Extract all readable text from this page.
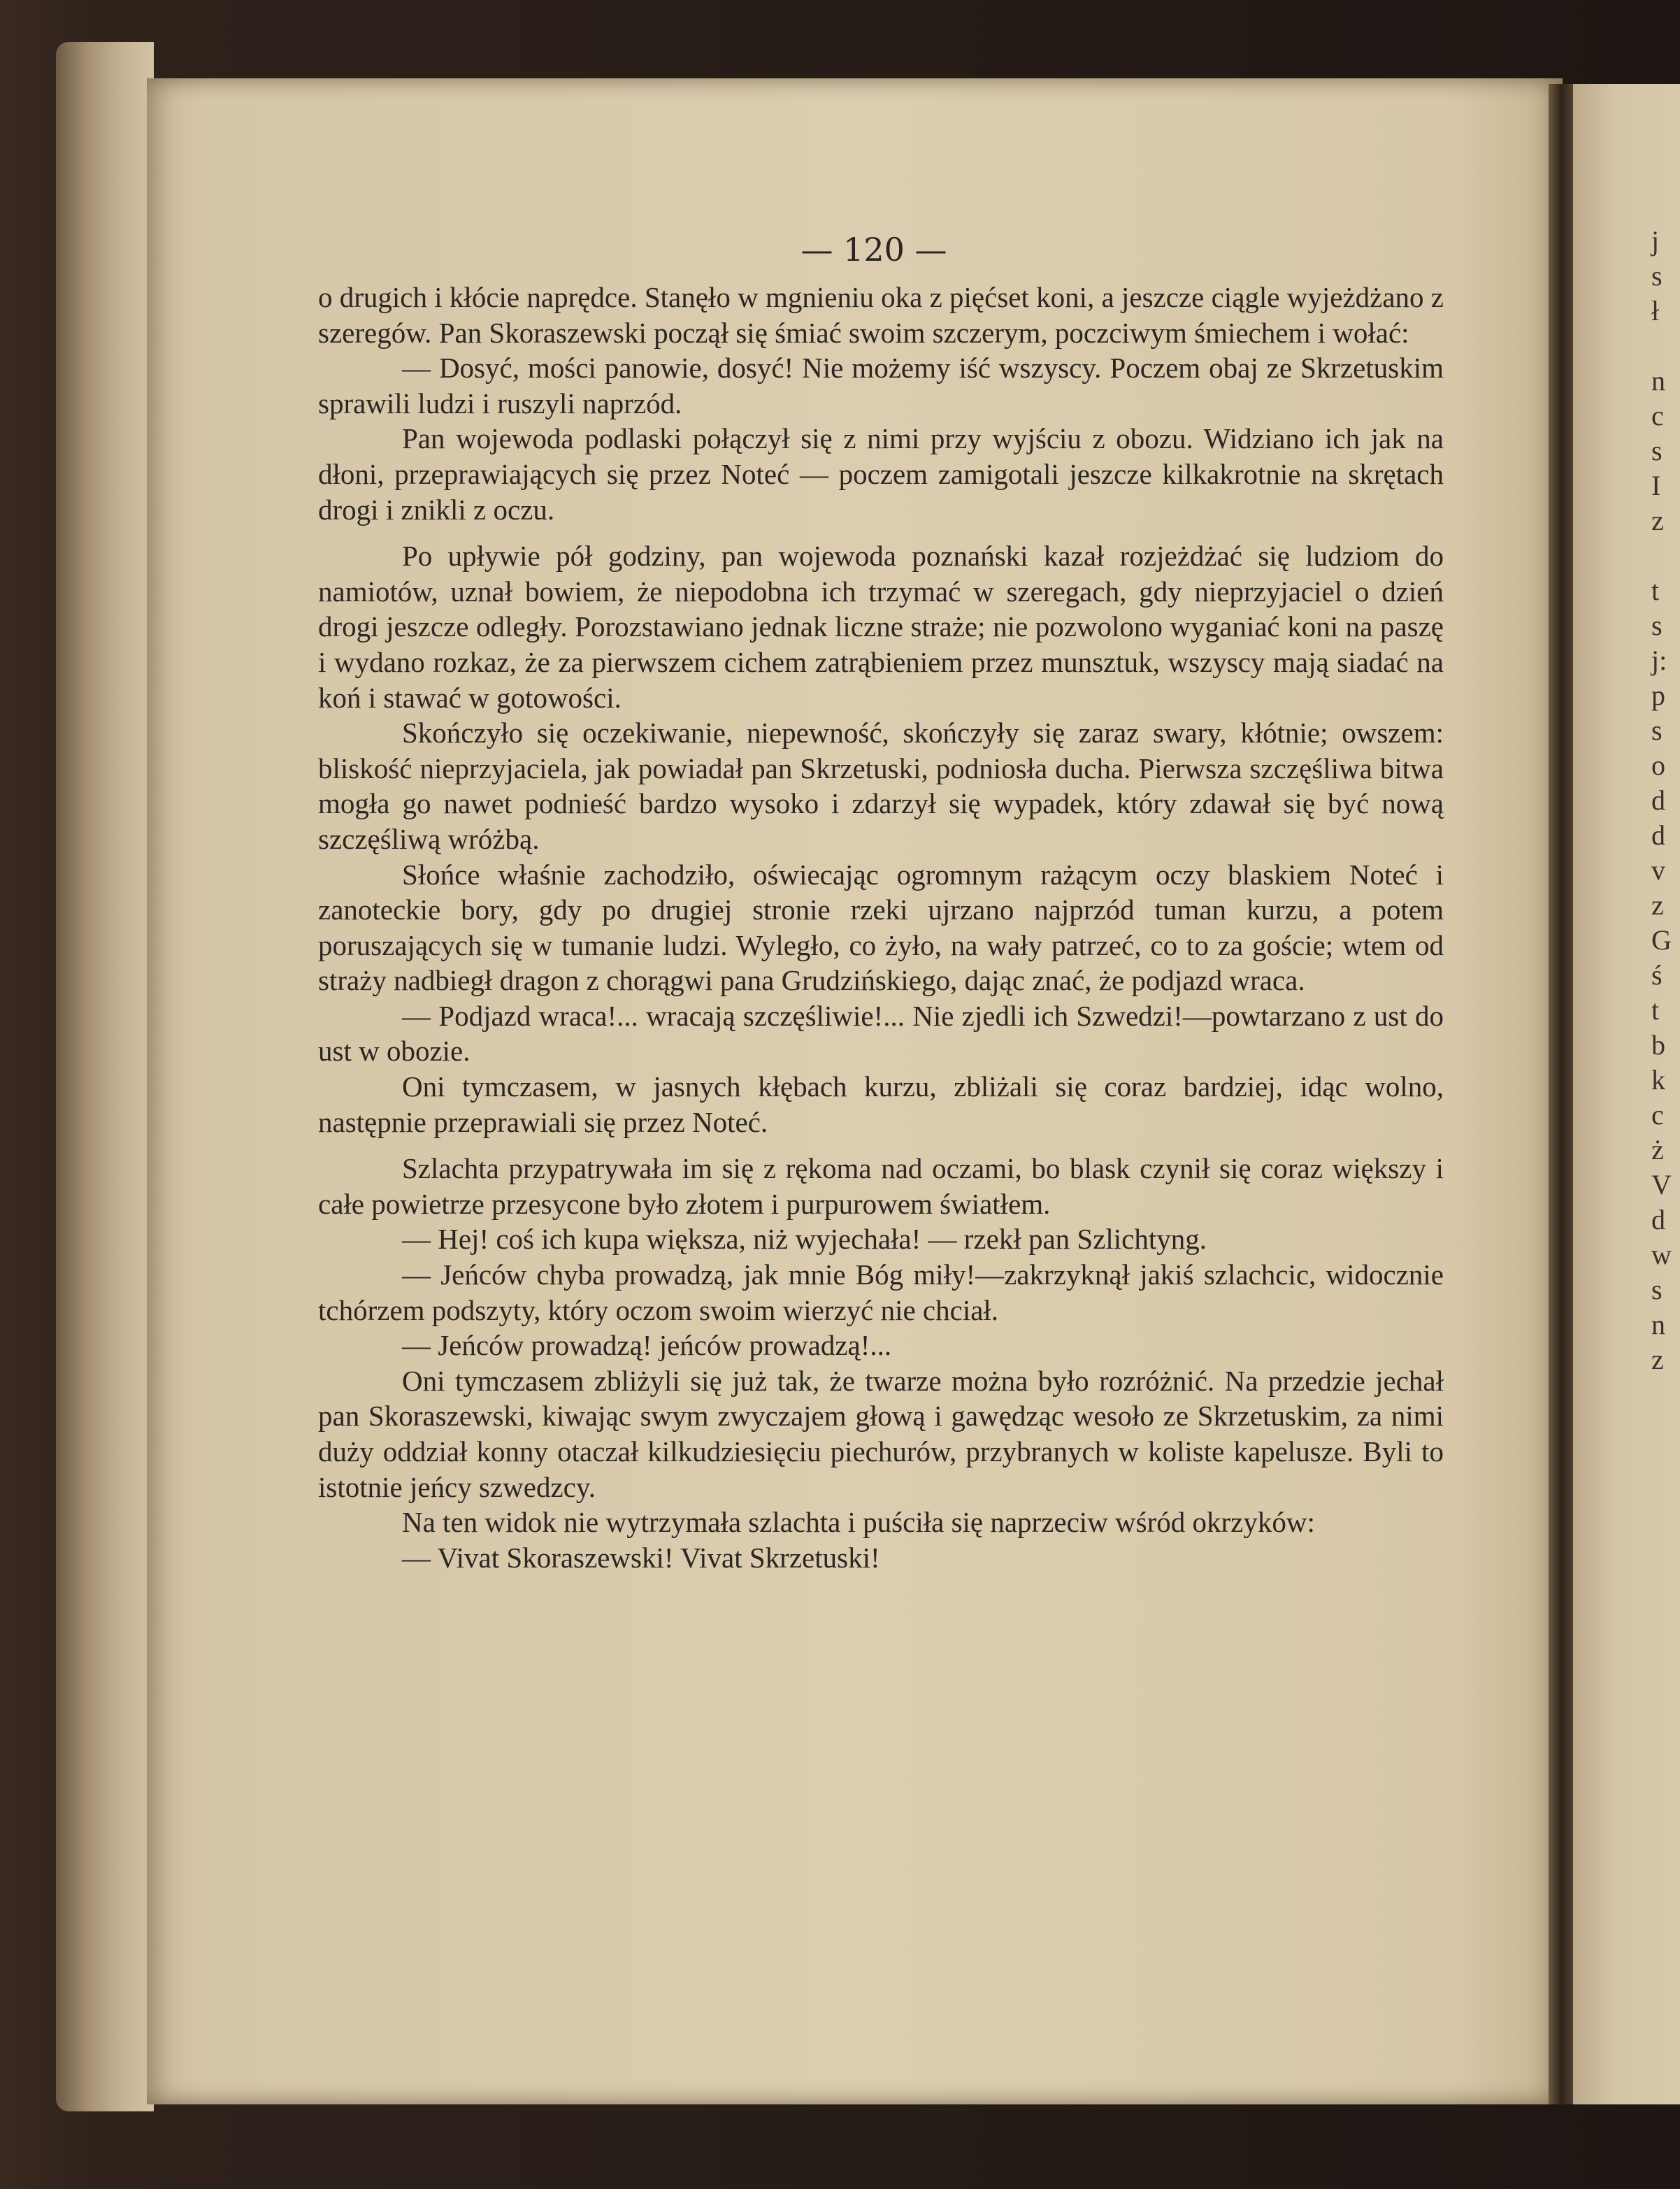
— 120 —

o drugich i kłócie naprędce. Stanęło w mgnieniu oka z pięćset koni, a jeszcze ciągle wyjeżdżano z szeregów. Pan Skoraszewski począł się śmiać swoim szczerym, poczciwym śmiechem i wołać:

— Dosyć, mości panowie, dosyć! Nie możemy iść wszyscy. Poczem obaj ze Skrzetuskim sprawili ludzi i ruszyli naprzód.

Pan wojewoda podlaski połączył się z nimi przy wyjściu z obozu. Widziano ich jak na dłoni, przeprawiających się przez Noteć — poczem zamigotali jeszcze kilkakrotnie na skrętach drogi i znikli z oczu.

Po upływie pół godziny, pan wojewoda poznański kazał rozjeżdżać się ludziom do namiotów, uznał bowiem, że niepodobna ich trzymać w szeregach, gdy nieprzyjaciel o dzień drogi jeszcze odległy. Porozstawiano jednak liczne straże; nie pozwolono wyganiać koni na paszę i wydano rozkaz, że za pierwszem cichem zatrąbieniem przez munsztuk, wszyscy mają siadać na koń i stawać w gotowości.

Skończyło się oczekiwanie, niepewność, skończyły się zaraz swary, kłótnie; owszem: bliskość nieprzyjaciela, jak powiadał pan Skrzetuski, podniosła ducha. Pierwsza szczęśliwa bitwa mogła go nawet podnieść bardzo wysoko i zdarzył się wypadek, który zdawał się być nową szczęśliwą wróżbą.

Słońce właśnie zachodziło, oświecając ogromnym rażącym oczy blaskiem Noteć i zanoteckie bory, gdy po drugiej stronie rzeki ujrzano najprzód tuman kurzu, a potem poruszających się w tumanie ludzi. Wyległo, co żyło, na wały patrzeć, co to za goście; wtem od straży nadbiegł dragon z chorągwi pana Grudzińskiego, dając znać, że podjazd wraca.

— Podjazd wraca!... wracają szczęśliwie!... Nie zjedli ich Szwedzi!—powtarzano z ust do ust w obozie.

Oni tymczasem, w jasnych kłębach kurzu, zbliżali się coraz bardziej, idąc wolno, następnie przeprawiali się przez Noteć.

Szlachta przypatrywała im się z rękoma nad oczami, bo blask czynił się coraz większy i całe powietrze przesycone było złotem i purpurowem światłem.

— Hej! coś ich kupa większa, niż wyjechała! — rzekł pan Szlichtyng.

— Jeńców chyba prowadzą, jak mnie Bóg miły!—zakrzyknął jakiś szlachcic, widocznie tchórzem podszyty, który oczom swoim wierzyć nie chciał.

— Jeńców prowadzą! jeńców prowadzą!...

Oni tymczasem zbliżyli się już tak, że twarze można było rozróżnić. Na przedzie jechał pan Skoraszewski, kiwając swym zwyczajem głową i gawędząc wesoło ze Skrzetuskim, za nimi duży oddział konny otaczał kilkudziesięciu piechurów, przybranych w koliste kapelusze. Byli to istotnie jeńcy szwedzcy.

Na ten widok nie wytrzymała szlachta i puściła się naprzeciw wśród okrzyków:

— Vivat Skoraszewski! Vivat Skrzetuski!

j
s
ł

n
c
s
I
z

t
s
j:
p
s
o
d
d
v
z
G
ś
t
b
k
c
ż
V
d
w
s
n
z
